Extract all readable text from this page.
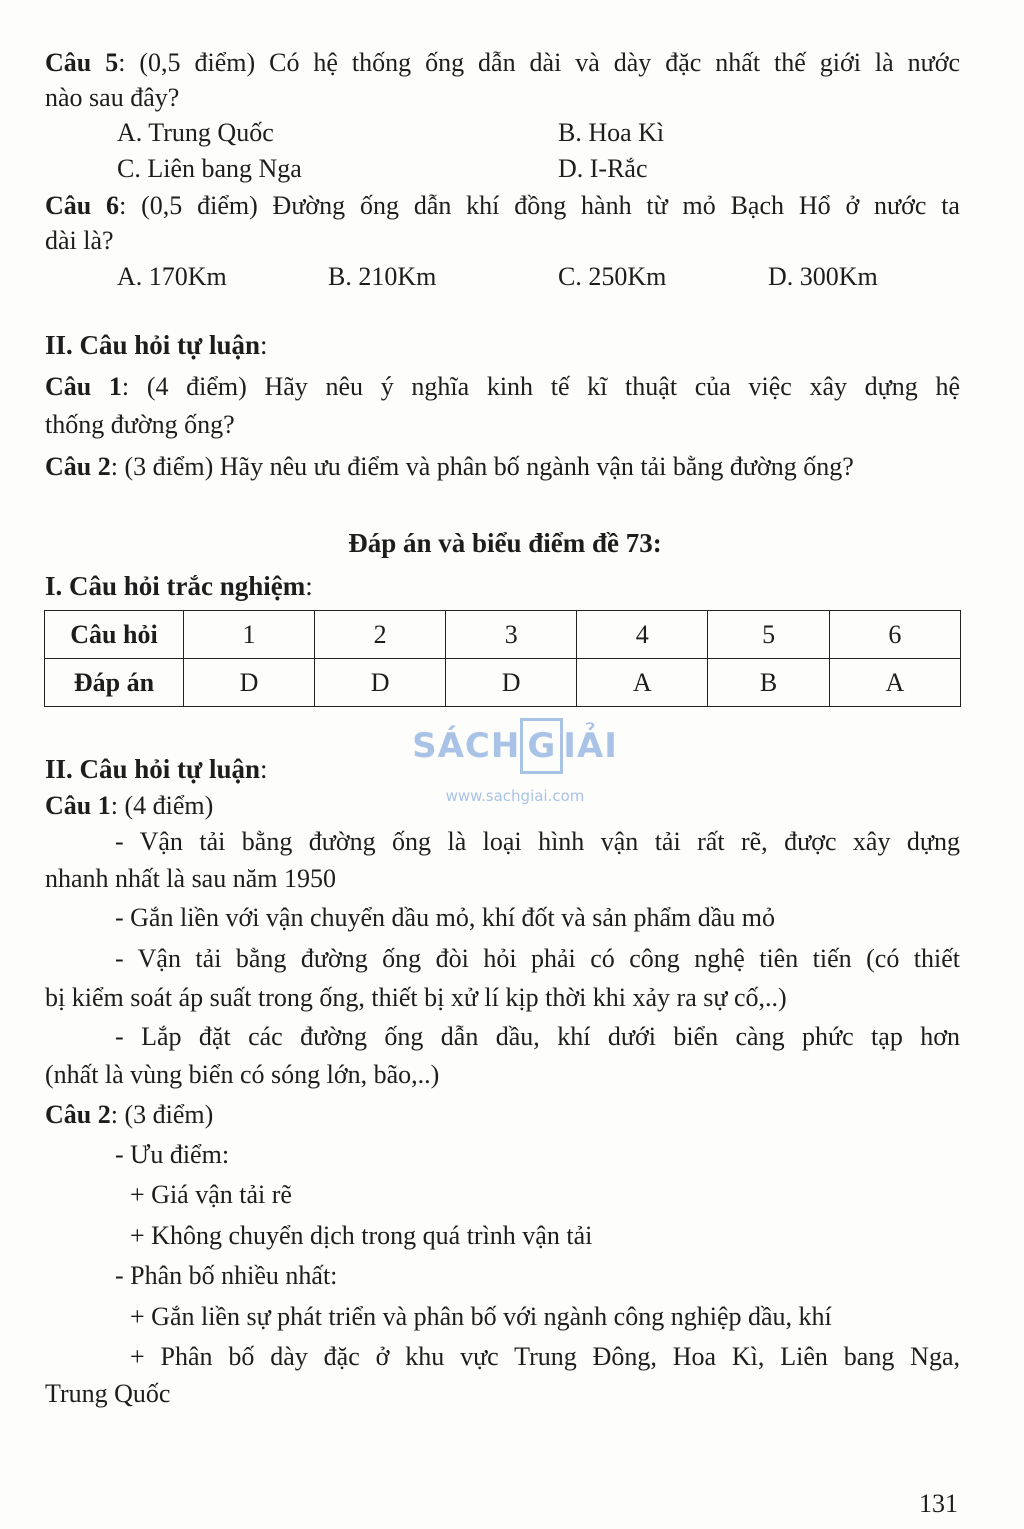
Câu 5: (0,5 điểm) Có hệ thống ống dẫn dài và dày đặc nhất thế giới là nước
nào sau đây?
A. Trung Quốc	B. Hoa Kì
C. Liên bang Nga	D. I-Rắc
Câu 6: (0,5 điểm) Đường ống dẫn khí đồng hành từ mỏ Bạch Hổ ở nước ta
dài là?
A. 170Km	B. 210Km	C. 250Km	D. 300Km
II. Câu hỏi tự luận:
Câu 1: (4 điểm) Hãy nêu ý nghĩa kinh tế kĩ thuật của việc xây dựng hệ
thống đường ống?
Câu 2: (3 điểm) Hãy nêu ưu điểm và phân bố ngành vận tải bằng đường ống?
Đáp án và biểu điểm đề 73:
I. Câu hỏi trắc nghiệm:
Câu hỏi	1	2	3	4	5	6
Đáp án	D	D	D	A	B	A
SÁCH G IẢI
www.sachgiai.com
II. Câu hỏi tự luận:
Câu 1: (4 điểm)
- Vận tải bằng đường ống là loại hình vận tải rất rẽ, được xây dựng
nhanh nhất là sau năm 1950
- Gắn liền với vận chuyển dầu mỏ, khí đốt và sản phẩm dầu mỏ
- Vận tải bằng đường ống đòi hỏi phải có công nghệ tiên tiến (có thiết
bị kiểm soát áp suất trong ống, thiết bị xử lí kịp thời khi xảy ra sự cố,..)
- Lắp đặt các đường ống dẫn dầu, khí dưới biển càng phức tạp hơn
(nhất là vùng biển có sóng lớn, bão,..)
Câu 2: (3 điểm)
- Ưu điểm:
+ Giá vận tải rẽ
+ Không chuyển dịch trong quá trình vận tải
- Phân bố nhiều nhất:
+ Gắn liền sự phát triển và phân bố với ngành công nghiệp dầu, khí
+ Phân bố dày đặc ở khu vực Trung Đông, Hoa Kì, Liên bang Nga,
Trung Quốc
131
